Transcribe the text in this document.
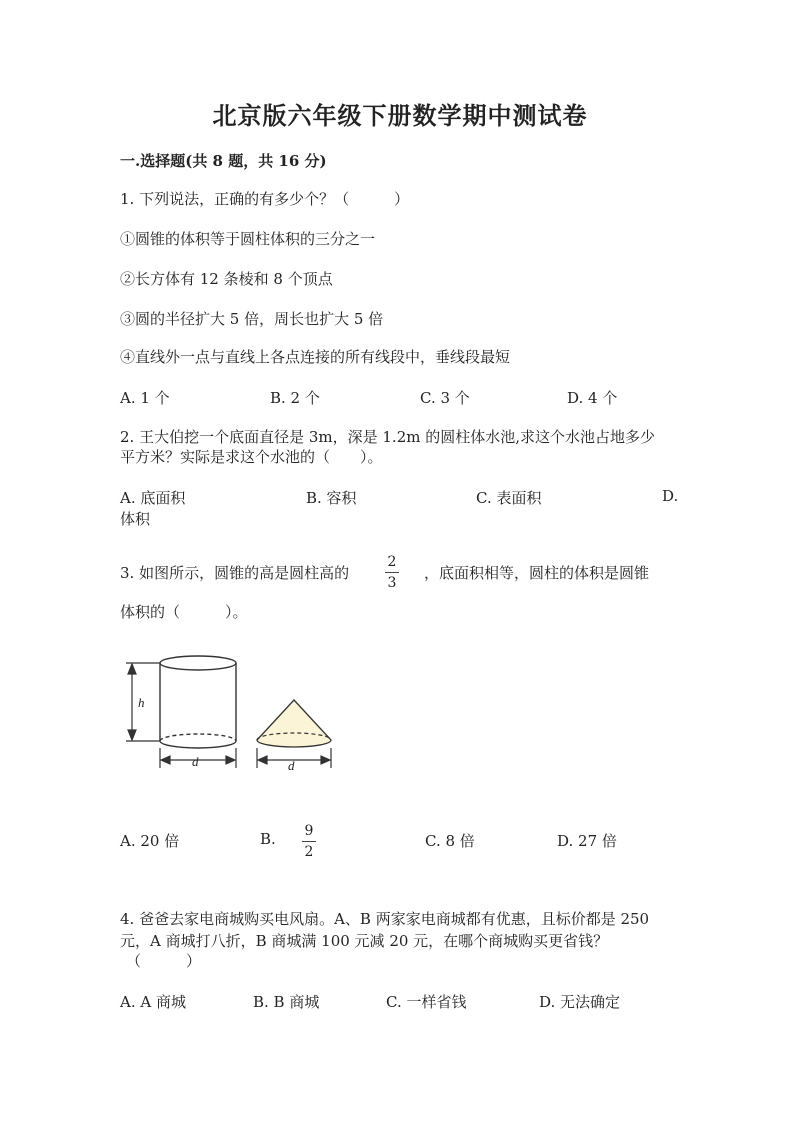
北京版六年级下册数学期中测试卷
一.选择题(共 8 题，共 16 分)
1. 下列说法，正确的有多少个？（　　　）
①圆锥的体积等于圆柱体积的三分之一
②长方体有 12 条棱和 8 个顶点
③圆的半径扩大 5 倍，周长也扩大 5 倍
④直线外一点与直线上各点连接的所有线段中，垂线段最短
A. 1 个	B. 2 个	C. 3 个	D. 4 个
2. 王大伯挖一个底面直径是 3m，深是 1.2m 的圆柱体水池,求这个水池占地多少
平方米？实际是求这个水池的（　　）。
A. 底面积	B. 容积	C. 表面积	D.
体积
3. 如图所示，圆锥的高是圆柱高的
2
3
，底面积相等，圆柱的体积是圆锥
体积的（　　　）。
h
d	d
A. 20 倍	B. 9
2
C. 8 倍	D. 27 倍
4. 爸爸去家电商城购买电风扇。A、B 两家家电商城都有优惠，且标价都是 250
元，A 商城打八折，B 商城满 100 元减 20 元，在哪个商城购买更省钱？
（　　　）
A. A 商城	B. B 商城	C. 一样省钱	D. 无法确定
